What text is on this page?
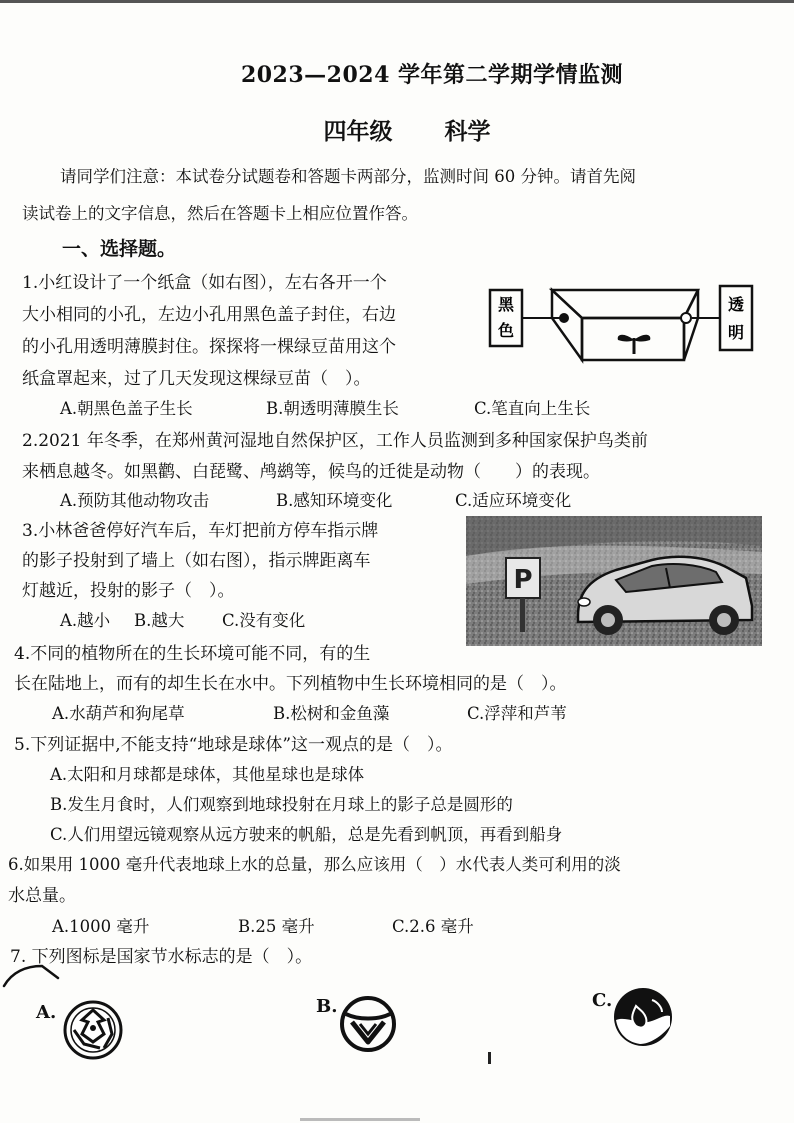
2023—2024 学年第二学期学情监测
四年级 科学
请同学们注意：本试卷分试题卷和答题卡两部分，监测时间 60 分钟。请首先阅
读试卷上的文字信息，然后在答题卡上相应位置作答。
一、选择题。
1.小红设计了一个纸盒（如右图），左右各开一个
大小相同的小孔，左边小孔用黑色盖子封住，右边
的小孔用透明薄膜封住。探探将一棵绿豆苗用这个
纸盒罩起来，过了几天发现这棵绿豆苗（　）。
A.朝黑色盖子生长	B.朝透明薄膜生长	C.笔直向上生长
黑
色
透
明
2.2021 年冬季，在郑州黄河湿地自然保护区，工作人员监测到多种国家保护鸟类前
来栖息越冬。如黑鹳、白琵鹭、鸬鹚等，候鸟的迁徙是动物（　　）的表现。
A.预防其他动物攻击	B.感知环境变化	C.适应环境变化
3.小林爸爸停好汽车后，车灯把前方停车指示牌
的影子投射到了墙上（如右图），指示牌距离车
灯越近，投射的影子（　）。
A.越小 B.越大 C.没有变化
P
4.不同的植物所在的生长环境可能不同，有的生
长在陆地上，而有的却生长在水中。下列植物中生长环境相同的是（　）。
A.水葫芦和狗尾草	B.松树和金鱼藻	C.浮萍和芦苇
5.下列证据中,不能支持“地球是球体”这一观点的是（　）。
A.太阳和月球都是球体，其他星球也是球体
B.发生月食时，人们观察到地球投射在月球上的影子总是圆形的
C.人们用望远镜观察从远方驶来的帆船，总是先看到帆顶，再看到船身
6.如果用 1000 毫升代表地球上水的总量，那么应该用（　）水代表人类可利用的淡
水总量。
A.1000 毫升	B.25 毫升	C.2.6 毫升
7. 下列图标是国家节水标志的是（　）。
A.	B.	C.
